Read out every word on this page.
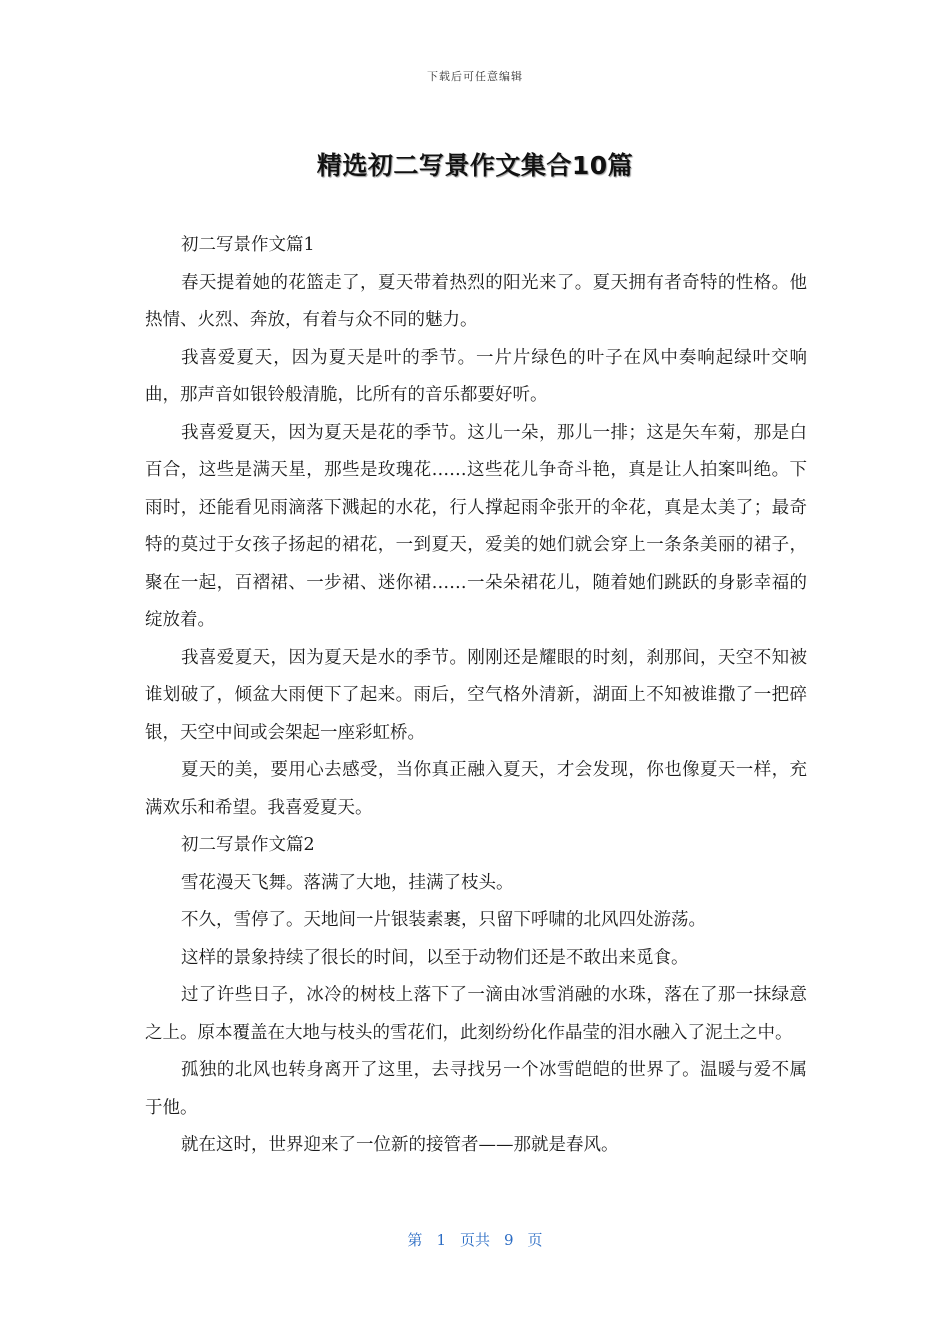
下载后可任意编辑
精选初二写景作文集合10篇

初二写景作文篇1

春天提着她的花篮走了，夏天带着热烈的阳光来了。夏天拥有者奇特的性格。他热情、火烈、奔放，有着与众不同的魅力。

我喜爱夏天，因为夏天是叶的季节。一片片绿色的叶子在风中奏响起绿叶交响曲，那声音如银铃般清脆，比所有的音乐都要好听。

我喜爱夏天，因为夏天是花的季节。这儿一朵，那儿一排；这是矢车菊，那是白百合，这些是满天星，那些是玫瑰花……这些花儿争奇斗艳，真是让人拍案叫绝。下雨时，还能看见雨滴落下溅起的水花，行人撑起雨伞张开的伞花，真是太美了；最奇特的莫过于女孩子扬起的裙花，一到夏天，爱美的她们就会穿上一条条美丽的裙子，聚在一起，百褶裙、一步裙、迷你裙……一朵朵裙花儿，随着她们跳跃的身影幸福的绽放着。

我喜爱夏天，因为夏天是水的季节。刚刚还是耀眼的时刻，刹那间，天空不知被谁划破了，倾盆大雨便下了起来。雨后，空气格外清新，湖面上不知被谁撒了一把碎银，天空中间或会架起一座彩虹桥。

夏天的美，要用心去感受，当你真正融入夏天，才会发现，你也像夏天一样，充满欢乐和希望。我喜爱夏天。

初二写景作文篇2

雪花漫天飞舞。落满了大地，挂满了枝头。

不久，雪停了。天地间一片银装素裹，只留下呼啸的北风四处游荡。

这样的景象持续了很长的时间，以至于动物们还是不敢出来觅食。

过了许些日子，冰冷的树枝上落下了一滴由冰雪消融的水珠，落在了那一抹绿意之上。原本覆盖在大地与枝头的雪花们，此刻纷纷化作晶莹的泪水融入了泥土之中。

孤独的北风也转身离开了这里，去寻找另一个冰雪皑皑的世界了。温暖与爱不属于他。

就在这时，世界迎来了一位新的接管者——那就是春风。

第 1 页共 9 页
